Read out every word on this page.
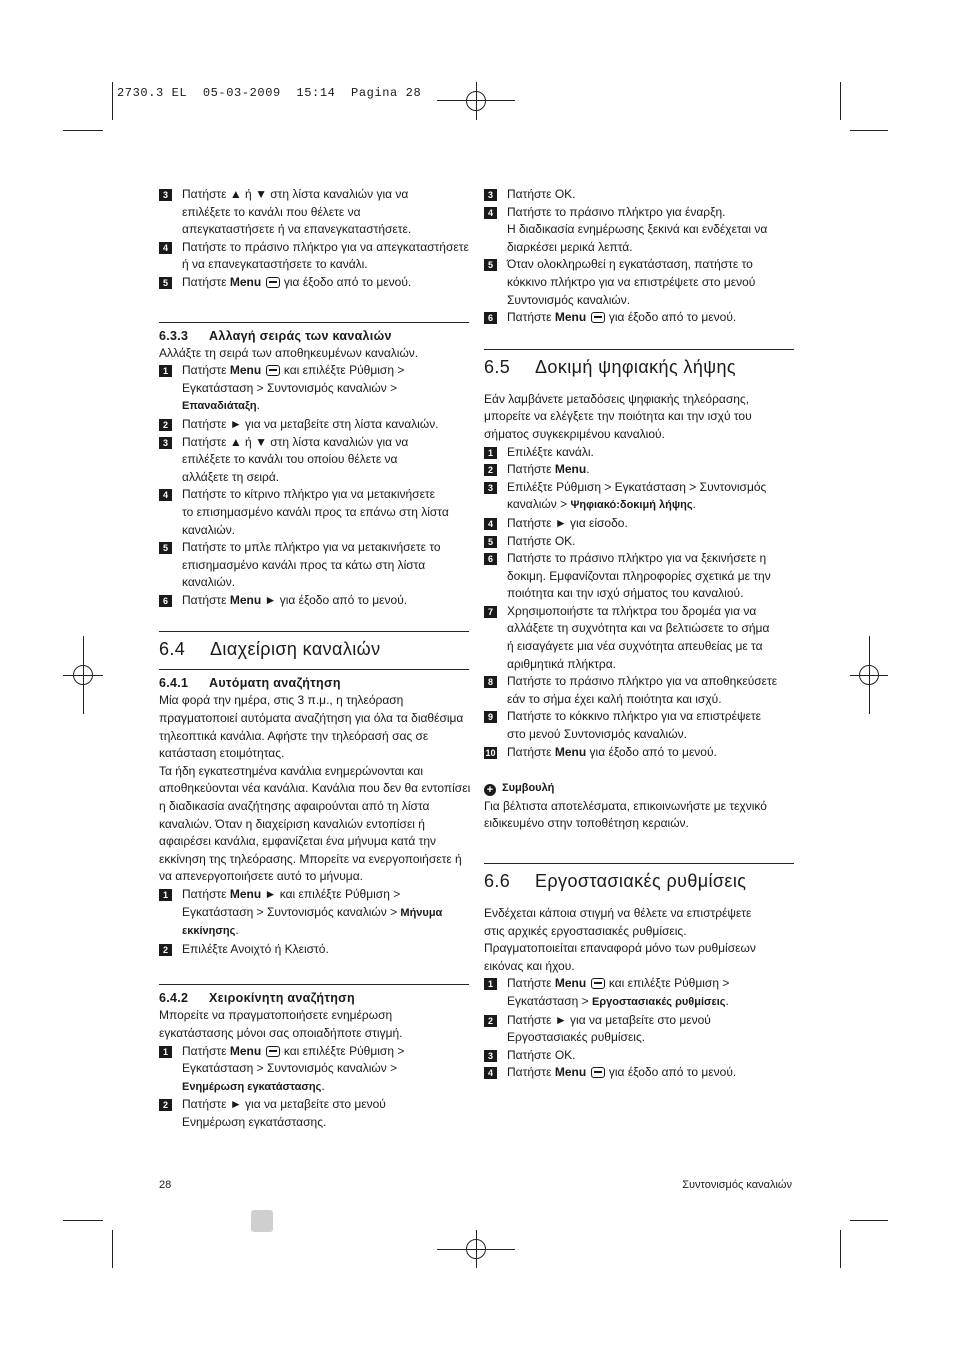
2730.3 EL  05-03-2009  15:14  Pagina 28
3	Πατήστε ▲ ή ▼ στη λίστα καναλιών για να
επιλέξετε το κανάλι που θέλετε να
απεγκαταστήσετε ή να επανεγκαταστήσετε.
4	Πατήστε το πράσινο πλήκτρο για να απεγκαταστήσετε
ή να επανεγκαταστήσετε το κανάλι.
5	Πατήστε Menu  για έξοδο από το μενού.
6.3.3 Αλλαγή σειράς των καναλιών
Αλλάξτε τη σειρά των αποθηκευμένων καναλιών.
1	Πατήστε Menu  και επιλέξτε Ρύθμιση >
Εγκατάσταση > Συντονισμός καναλιών >
Επαναδιάταξη.
2	Πατήστε ► για να μεταβείτε στη λίστα καναλιών.
3	Πατήστε ▲ ή ▼ στη λίστα καναλιών για να
επιλέξετε το κανάλι του οποίου θέλετε να
αλλάξετε τη σειρά.
4	Πατήστε το κίτρινο πλήκτρο για να μετακινήσετε
το επισημασμένο κανάλι προς τα επάνω στη λίστα
καναλιών.
5	Πατήστε το μπλε πλήκτρο για να μετακινήσετε το
επισημασμένο κανάλι προς τα κάτω στη λίστα
καναλιών.
6	Πατήστε Menu ► για έξοδο από το μενού.
6.4 Διαχείριση καναλιών
6.4.1 Αυτόματη αναζήτηση
Μία φορά την ημέρα, στις 3 π.μ., η τηλεόραση
πραγματοποιεί αυτόματα αναζήτηση για όλα τα διαθέσιμα
τηλεοπτικά κανάλια. Αφήστε την τηλεόρασή σας σε
κατάσταση ετοιμότητας.
Τα ήδη εγκατεστημένα κανάλια ενημερώνονται και
αποθηκεύονται νέα κανάλια. Κανάλια που δεν θα εντοπίσει
η διαδικασία αναζήτησης αφαιρούνται από τη λίστα
καναλιών. Όταν η διαχείριση καναλιών εντοπίσει ή
αφαιρέσει κανάλια, εμφανίζεται ένα μήνυμα κατά την
εκκίνηση της τηλεόρασης. Μπορείτε να ενεργοποιήσετε ή
να απενεργοποιήσετε αυτό το μήνυμα.
1	Πατήστε Menu ► και επιλέξτε Ρύθμιση >
Εγκατάσταση > Συντονισμός καναλιών > Μήνυμα
εκκίνησης.
2	Επιλέξτε Ανοιχτό ή Κλειστό.
6.4.2 Χειροκίνητη αναζήτηση
Μπορείτε να πραγματοποιήσετε ενημέρωση
εγκατάστασης μόνοι σας οποιαδήποτε στιγμή.
1	Πατήστε Menu  και επιλέξτε Ρύθμιση >
Εγκατάσταση > Συντονισμός καναλιών >
Ενημέρωση εγκατάστασης.
2	Πατήστε ► για να μεταβείτε στο μενού
Ενημέρωση εγκατάστασης.
3	Πατήστε OK.
4	Πατήστε το πράσινο πλήκτρο για έναρξη.
Η διαδικασία ενημέρωσης ξεκινά και ενδέχεται να
διαρκέσει μερικά λεπτά.
5	Όταν ολοκληρωθεί η εγκατάσταση, πατήστε το
κόκκινο πλήκτρο για να επιστρέψετε στο μενού
Συντονισμός καναλιών.
6	Πατήστε Menu  για έξοδο από το μενού.
6.5 Δοκιμή ψηφιακής λήψης
Εάν λαμβάνετε μεταδόσεις ψηφιακής τηλεόρασης,
μπορείτε να ελέγξετε την ποιότητα και την ισχύ του
σήματος συγκεκριμένου καναλιού.
1	Επιλέξτε κανάλι.
2	Πατήστε Menu.
3	Επιλέξτε Ρύθμιση > Εγκατάσταση > Συντονισμός
καναλιών > Ψηφιακό:δοκιμή λήψης.
4	Πατήστε ► για είσοδο.
5	Πατήστε OK.
6	Πατήστε το πράσινο πλήκτρο για να ξεκινήσετε η
δοκιμη. Εμφανίζονται πληροφορίες σχετικά με την
ποιότητα και την ισχύ σήματος του καναλιού.
7	Χρησιμοποιήστε τα πλήκτρα του δρομέα για να
αλλάξετε τη συχνότητα και να βελτιώσετε το σήμα
ή εισαγάγετε μια νέα συχνότητα απευθείας με τα
αριθμητικά πλήκτρα.
8	Πατήστε το πράσινο πλήκτρο για να αποθηκεύσετε
εάν το σήμα έχει καλή ποιότητα και ισχύ.
9	Πατήστε το κόκκινο πλήκτρο για να επιστρέψετε
στο μενού Συντονισμός καναλιών.
10 Πατήστε Menu για έξοδο από το μενού.
+ Συμβουλή
Για βέλτιστα αποτελέσματα, επικοινωνήστε με τεχνικό
ειδικευμένο στην τοποθέτηση κεραιών.
6.6 Εργοστασιακές ρυθμίσεις
Ενδέχεται κάποια στιγμή να θέλετε να επιστρέψετε
στις αρχικές εργοστασιακές ρυθμίσεις.
Πραγματοποιείται επαναφορά μόνο των ρυθμίσεων
εικόνας και ήχου.
1	Πατήστε Menu  και επιλέξτε Ρύθμιση >
Εγκατάσταση > Εργοστασιακές ρυθμίσεις.
2	Πατήστε ► για να μεταβείτε στο μενού
Εργοστασιακές ρυθμίσεις.
3	Πατήστε OK.
4	Πατήστε Menu  για έξοδο από το μενού.
28	Συντονισμός καναλιών
